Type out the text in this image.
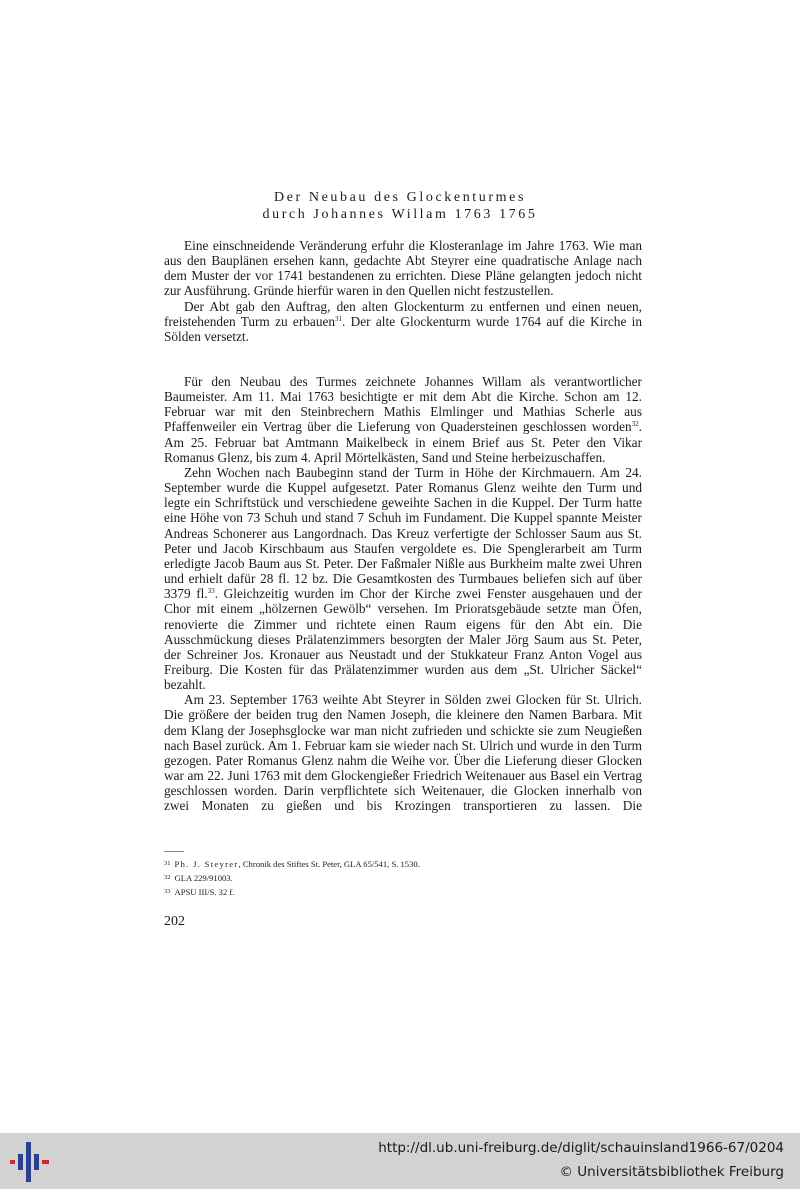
Der Neubau des Glockenturmes
durch Johannes Willam 1763 1765

Eine einschneidende Veränderung erfuhr die Klosteranlage im Jahre 1763. Wie man aus den Bauplänen ersehen kann, gedachte Abt Steyrer eine quadratische Anlage nach dem Muster der vor 1741 bestandenen zu errichten. Diese Pläne gelangten jedoch nicht zur Ausführung. Gründe hierfür waren in den Quellen nicht festzustellen.

Der Abt gab den Auftrag, den alten Glockenturm zu entfernen und einen neuen, freistehenden Turm zu erbauen$^{31}$. Der alte Glockenturm wurde 1764 auf die Kirche in Sölden versetzt.

Für den Neubau des Turmes zeichnete Johannes Willam als verantwortlicher Baumeister. Am 11. Mai 1763 besichtigte er mit dem Abt die Kirche. Schon am 12. Februar war mit den Steinbrechern Mathis Elmlinger und Mathias Scherle aus Pfaffenweiler ein Vertrag über die Lieferung von Quadersteinen geschlossen worden$^{32}$. Am 25. Februar bat Amtmann Maikelbeck in einem Brief aus St. Peter den Vikar Romanus Glenz, bis zum 4. April Mörtelkästen, Sand und Steine herbeizuschaffen.

Zehn Wochen nach Baubeginn stand der Turm in Höhe der Kirchmauern. Am 24. September wurde die Kuppel aufgesetzt. Pater Romanus Glenz weihte den Turm und legte ein Schriftstück und verschiedene geweihte Sachen in die Kuppel. Der Turm hatte eine Höhe von 73 Schuh und stand 7 Schuh im Fundament. Die Kuppel spannte Meister Andreas Schonerer aus Langordnach. Das Kreuz verfertigte der Schlosser Saum aus St. Peter und Jacob Kirschbaum aus Staufen vergoldete es. Die Spenglerarbeit am Turm erledigte Jacob Baum aus St. Peter. Der Faßmaler Nißle aus Burkheim malte zwei Uhren und erhielt dafür 28 fl. 12 bz. Die Gesamtkosten des Turmbaues beliefen sich auf über 3379 fl.$^{33}$. Gleichzeitig wurden im Chor der Kirche zwei Fenster ausgehauen und der Chor mit einem „hölzernen Gewölb“ versehen. Im Prioratsgebäude setzte man Öfen, renovierte die Zimmer und richtete einen Raum eigens für den Abt ein. Die Ausschmückung dieses Prälatenzimmers besorgten der Maler Jörg Saum aus St. Peter, der Schreiner Jos. Kronauer aus Neustadt und der Stukkateur Franz Anton Vogel aus Freiburg. Die Kosten für das Prälatenzimmer wurden aus dem „St. Ulricher Säckel“ bezahlt.

Am 23. September 1763 weihte Abt Steyrer in Sölden zwei Glocken für St. Ulrich. Die größere der beiden trug den Namen Joseph, die kleinere den Namen Barbara. Mit dem Klang der Josephsglocke war man nicht zufrieden und schickte sie zum Neugießen nach Basel zurück. Am 1. Februar kam sie wieder nach St. Ulrich und wurde in den Turm gezogen. Pater Romanus Glenz nahm die Weihe vor. Über die Lieferung dieser Glocken war am 22. Juni 1763 mit dem Glockengießer Friedrich Weitenauer aus Basel ein Vertrag geschlossen worden. Darin verpflichtete sich Weitenauer, die Glocken innerhalb von zwei Monaten zu gießen und bis Krozingen transportieren zu lassen. Die

$^{31}$ Ph. J. Steyrer, Chronik des Stiftes St. Peter, GLA 65/541, S. 1530.
$^{32}$ GLA 229/91003.
$^{33}$ APSU III/S. 32 f.
202
http://dl.ub.uni-freiburg.de/diglit/schauinsland1966-67/0204
© Universitätsbibliothek Freiburg
